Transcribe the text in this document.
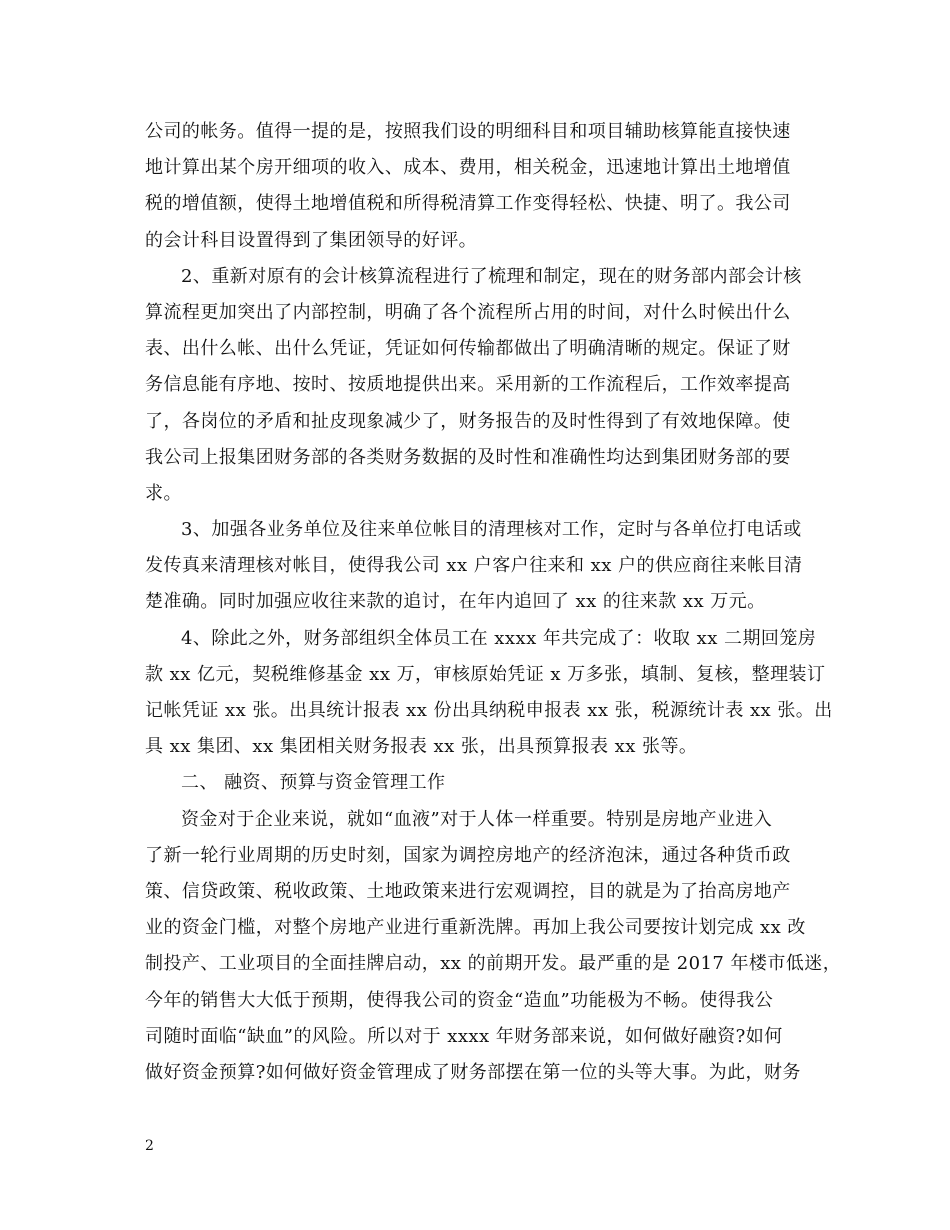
公司的帐务。值得一提的是，按照我们设的明细科目和项目辅助核算能直接快速
地计算出某个房开细项的收入、成本、费用，相关税金，迅速地计算出土地增值
税的增值额，使得土地增值税和所得税清算工作变得轻松、快捷、明了。我公司
的会计科目设置得到了集团领导的好评。
2、重新对原有的会计核算流程进行了梳理和制定，现在的财务部内部会计核
算流程更加突出了内部控制，明确了各个流程所占用的时间，对什么时候出什么
表、出什么帐、出什么凭证，凭证如何传输都做出了明确清晰的规定。保证了财
务信息能有序地、按时、按质地提供出来。采用新的工作流程后，工作效率提高
了，各岗位的矛盾和扯皮现象减少了，财务报告的及时性得到了有效地保障。使
我公司上报集团财务部的各类财务数据的及时性和准确性均达到集团财务部的要
求。
3、加强各业务单位及往来单位帐目的清理核对工作，定时与各单位打电话或
发传真来清理核对帐目，使得我公司 xx 户客户往来和 xx 户的供应商往来帐目清
楚准确。同时加强应收往来款的追讨，在年内追回了 xx 的往来款 xx 万元。
4、除此之外，财务部组织全体员工在 xxxx 年共完成了：收取 xx 二期回笼房
款 xx 亿元，契税维修基金 xx 万，审核原始凭证 x 万多张，填制、复核，整理装订
记帐凭证 xx 张。出具统计报表 xx 份出具纳税申报表 xx 张，税源统计表 xx 张。出
具 xx 集团、xx 集团相关财务报表 xx 张，出具预算报表 xx 张等。
二、 融资、预算与资金管理工作
资金对于企业来说，就如“血液”对于人体一样重要。特别是房地产业进入
了新一轮行业周期的历史时刻，国家为调控房地产的经济泡沫，通过各种货币政
策、信贷政策、税收政策、土地政策来进行宏观调控，目的就是为了抬高房地产
业的资金门槛，对整个房地产业进行重新洗牌。再加上我公司要按计划完成 xx 改
制投产、工业项目的全面挂牌启动，xx 的前期开发。最严重的是 2017 年楼市低迷，
今年的销售大大低于预期，使得我公司的资金“造血”功能极为不畅。使得我公
司随时面临“缺血”的风险。所以对于 xxxx 年财务部来说，如何做好融资?如何
做好资金预算?如何做好资金管理成了财务部摆在第一位的头等大事。为此，财务
2
